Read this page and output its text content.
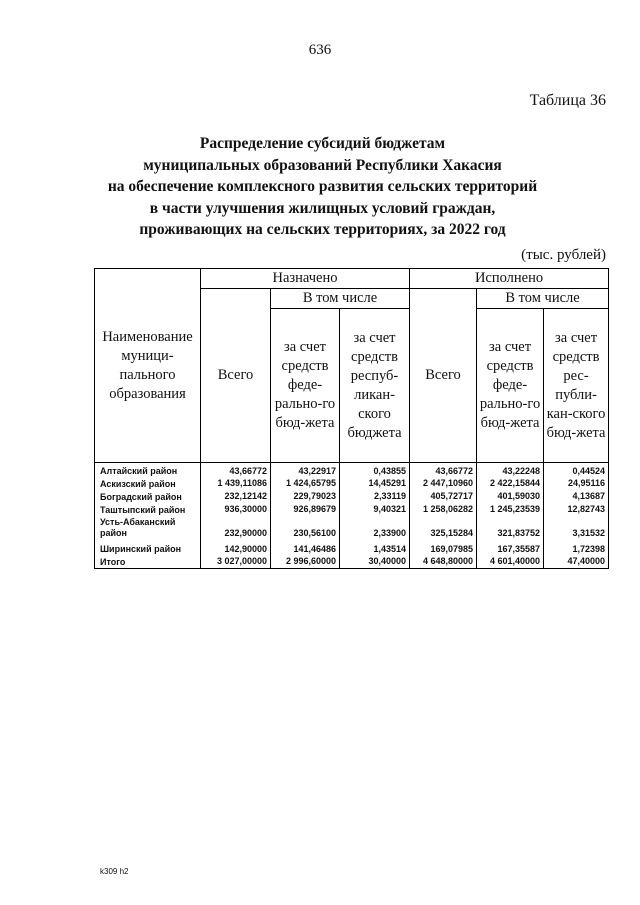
636
Таблица 36
Распределение субсидий бюджетам
муниципальных образований Республики Хакасия
на обеспечение комплексного развития сельских территорий
в части улучшения жилищных условий граждан,
проживающих на сельских территориях, за 2022 год
(тыс. рублей)
Наименование муници-пального образования	Назначено			Исполнено		
	Всего	В том числе		Всего	В том числе	
		за счет средств феде-рально-го бюд-жета	за счет средств респуб-ликан-ского бюджета		за счет средств феде-рально-го бюд-жета	за счет средств рес-публи-кан-ского бюд-жета
Алтайский район	43,66772	43,22917	0,43855	43,66772	43,22248	0,44524
Аскизский район	1 439,11086	1 424,65795	14,45291	2 447,10960	2 422,15844	24,95116
Боградский район	232,12142	229,79023	2,33119	405,72717	401,59030	4,13687
Таштыпский район	936,30000	926,89679	9,40321	1 258,06282	1 245,23539	12,82743
Усть-Абаканский район	232,90000	230,56100	2,33900	325,15284	321,83752	3,31532
Ширинский район	142,90000	141,46486	1,43514	169,07985	167,35587	1,72398
Итого	3 027,00000	2 996,60000	30,40000	4 648,80000	4 601,40000	47,40000
k309 h2
